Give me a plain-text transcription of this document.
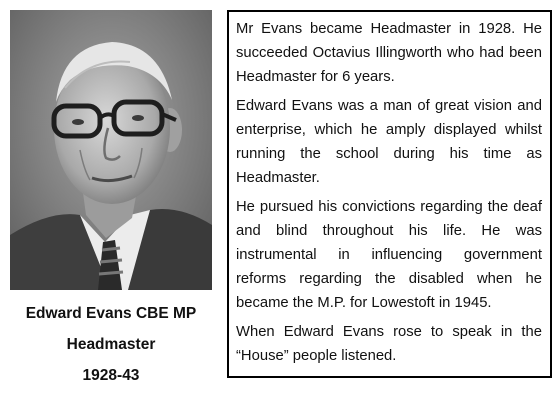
Edward Evans CBE MP
Headmaster
1928-43

Mr Evans became Headmaster in 1928. He succeeded Octavius Illingworth who had been Headmaster for 6 years.

Edward Evans was a man of great vision and enterprise, which he amply displayed whilst running the school during his time as Headmaster.

He pursued his convictions regarding the deaf and blind throughout his life. He was instrumental in influencing government reforms regarding the disabled when he became the M.P. for Lowestoft in 1945.

When Edward Evans rose to speak in the “House” people listened.
